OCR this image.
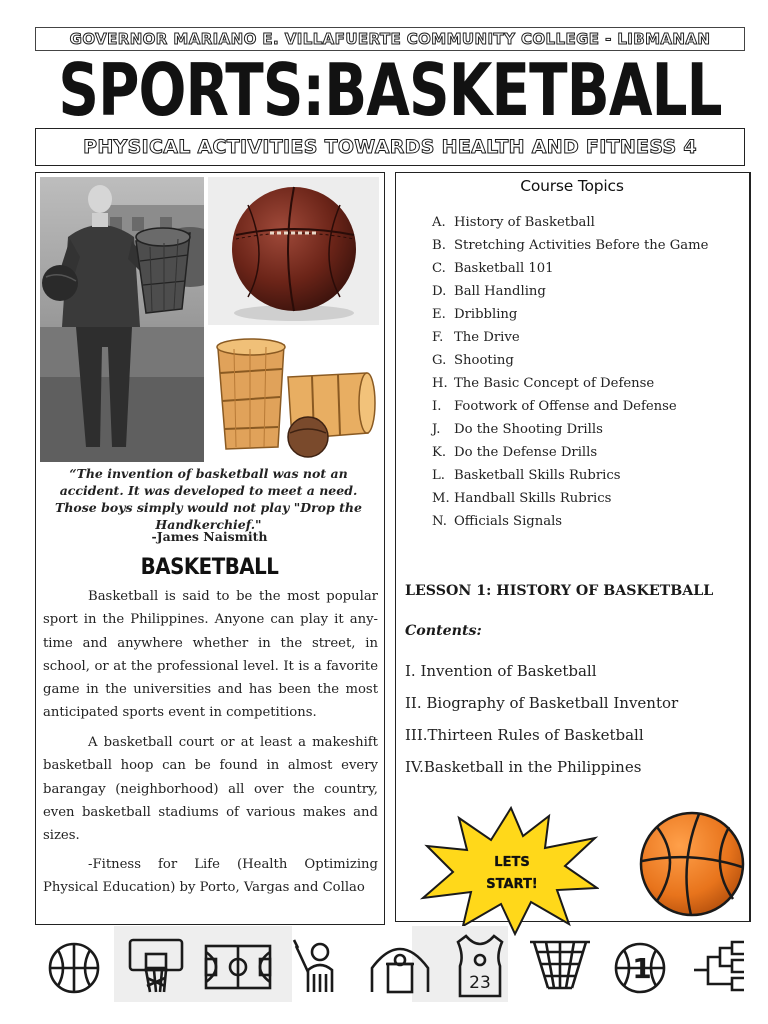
GOVERNOR MARIANO E. VILLAFUERTE COMMUNITY COLLEGE - LIBMANAN
SPORTS:BASKETBALL
PHYSICAL ACTIVITIES TOWARDS HEALTH AND FITNESS 4
“The invention of basketball was not an accident. It was developed to meet a need. Those boys simply would not play "Drop the Handkerchief."
-James Naismith
BASKETBALL

Basketball is said to be the most popular sport in the Philippines. Anyone can play it any-time and anywhere whether in the street, in school, or at the professional level. It is a favorite game in the universities and has been the most anticipated sports event in competitions.

A basketball court or at least a makeshift basketball hoop can be found in almost every barangay (neighborhood) all over the country, even basketball stadiums of various makes and sizes.

-Fitness for Life (Health Optimizing Physical Education) by Porto, Vargas and Collao

Course Topics
A. History of Basketball
B. Stretching Activities Before the Game
C. Basketball 101
D. Ball Handling
E. Dribbling
F. The Drive
G. Shooting
H. The Basic Concept of Defense
I. Footwork of Offense and Defense
J.	Do the Shooting Drills
K. Do the Defense Drills
L. Basketball Skills Rubrics
M. Handball Skills Rubrics
N. Officials Signals
LESSON 1: HISTORY OF BASKETBALL
Contents:
I. Invention of Basketball
II. Biography of Basketball Inventor
III.Thirteen Rules of Basketball
IV.Basketball in the Philippines
LETS
START!
23	1
